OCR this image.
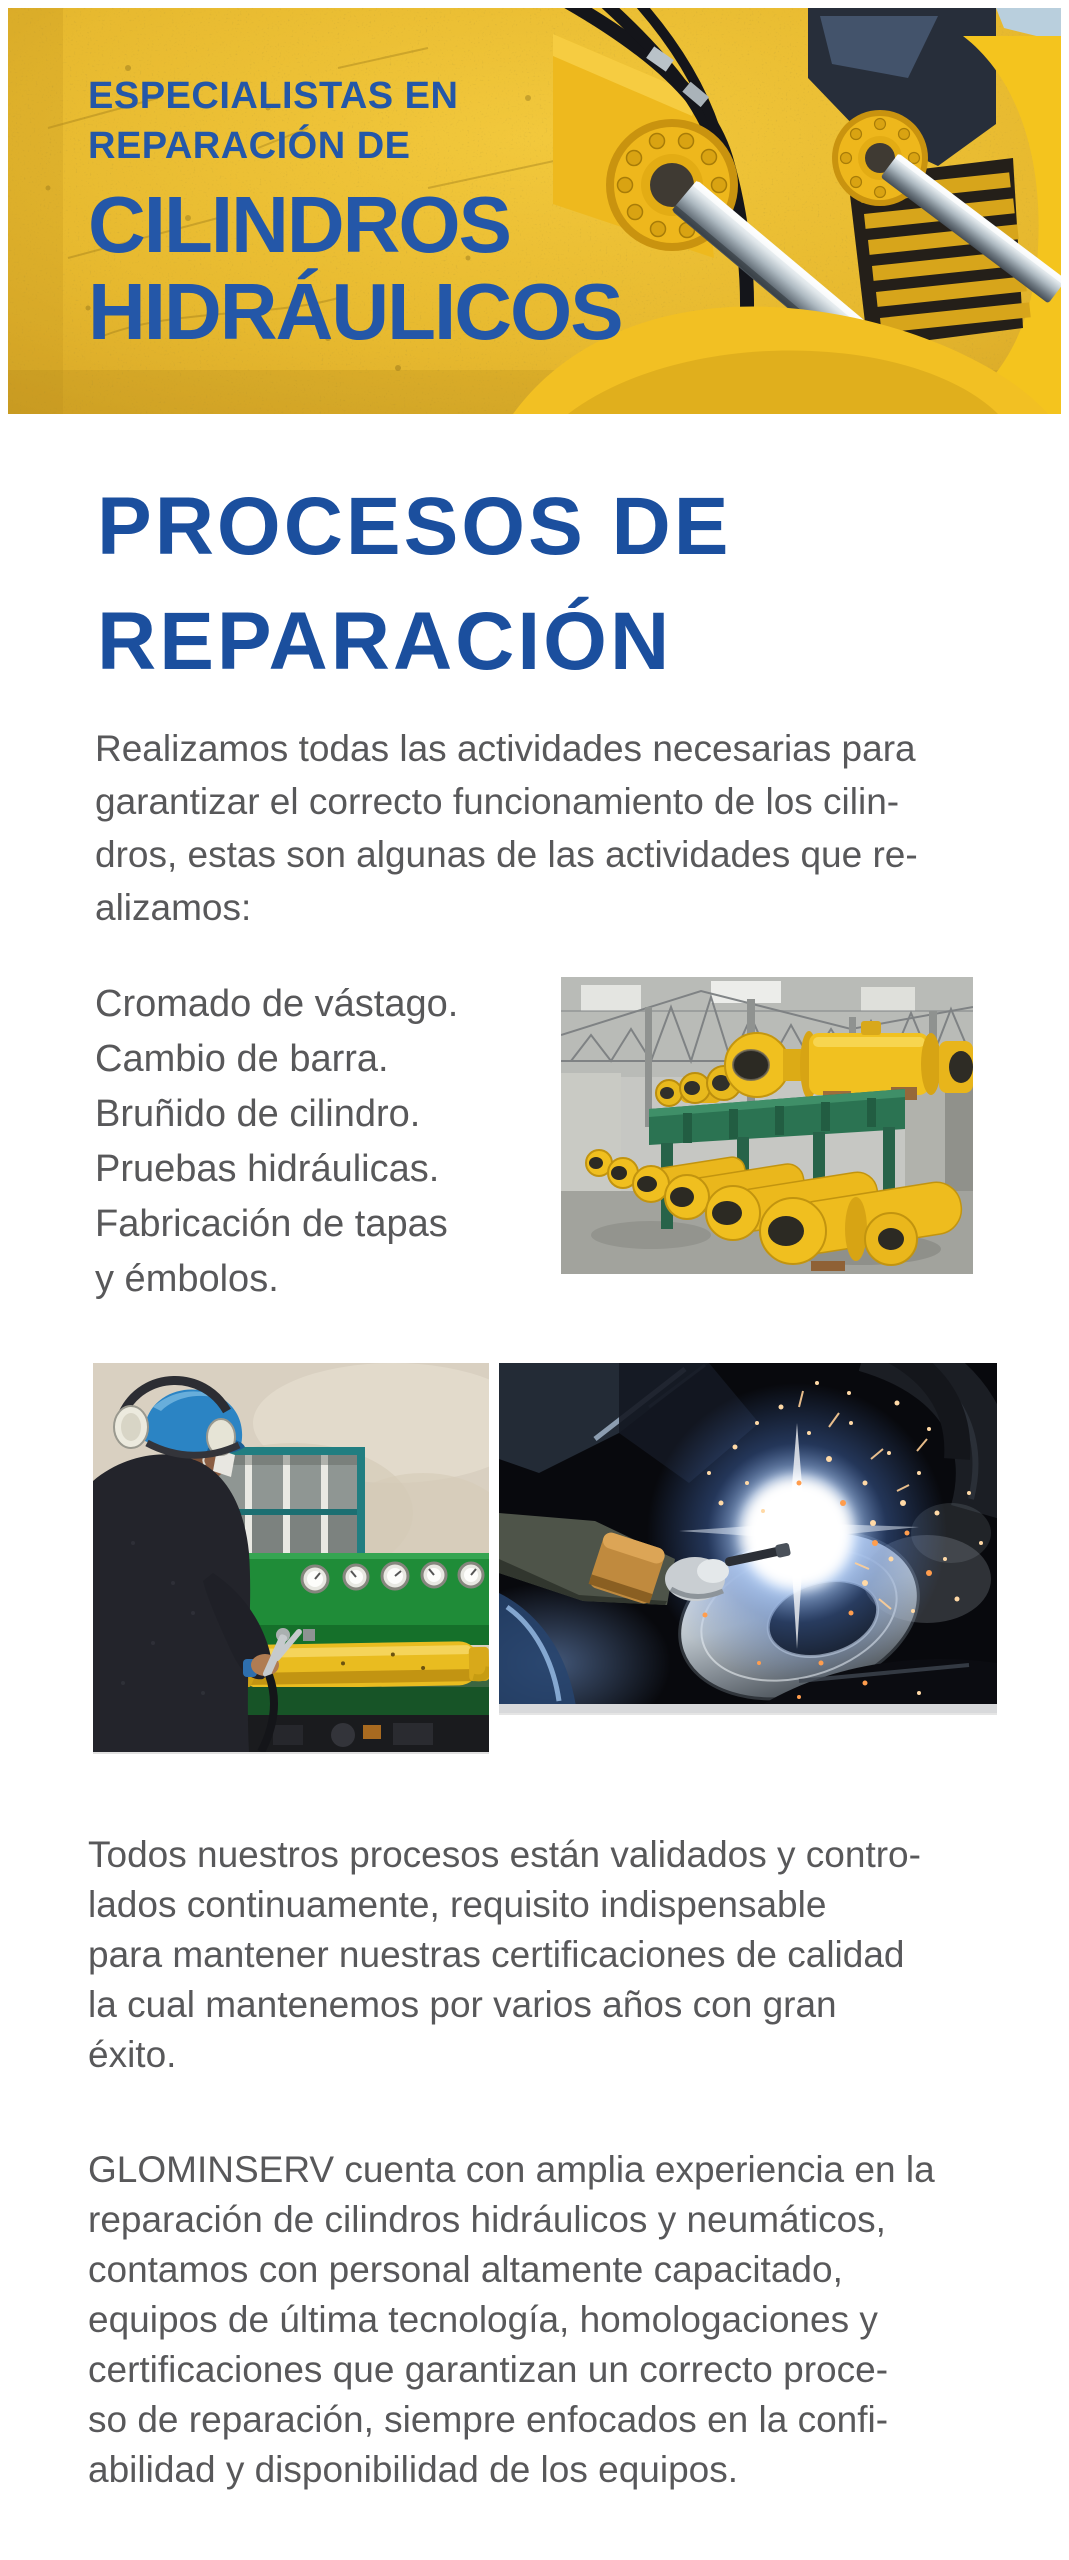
ESPECIALISTAS EN
REPARACIÓN DE
CILINDROS
HIDRÁULICOS
PROCESOS DE
REPARACIÓN
Realizamos todas las actividades necesarias para
garantizar el correcto funcionamiento de los cilin-
dros, estas son algunas de las actividades que re-
alizamos:
Cromado de vástago.
Cambio de barra.
Bruñido de cilindro.
Pruebas hidráulicas.
Fabricación de tapas
y émbolos.
Todos nuestros procesos están validados y contro-
lados continuamente, requisito indispensable
para mantener nuestras certificaciones de calidad
la cual mantenemos por varios años con gran
éxito.
GLOMINSERV cuenta con amplia experiencia en la
reparación de cilindros hidráulicos y neumáticos,
contamos con personal altamente capacitado,
equipos de última tecnología, homologaciones y
certificaciones que garantizan un correcto proce-
so de reparación, siempre enfocados en la confi-
abilidad y disponibilidad de los equipos.
